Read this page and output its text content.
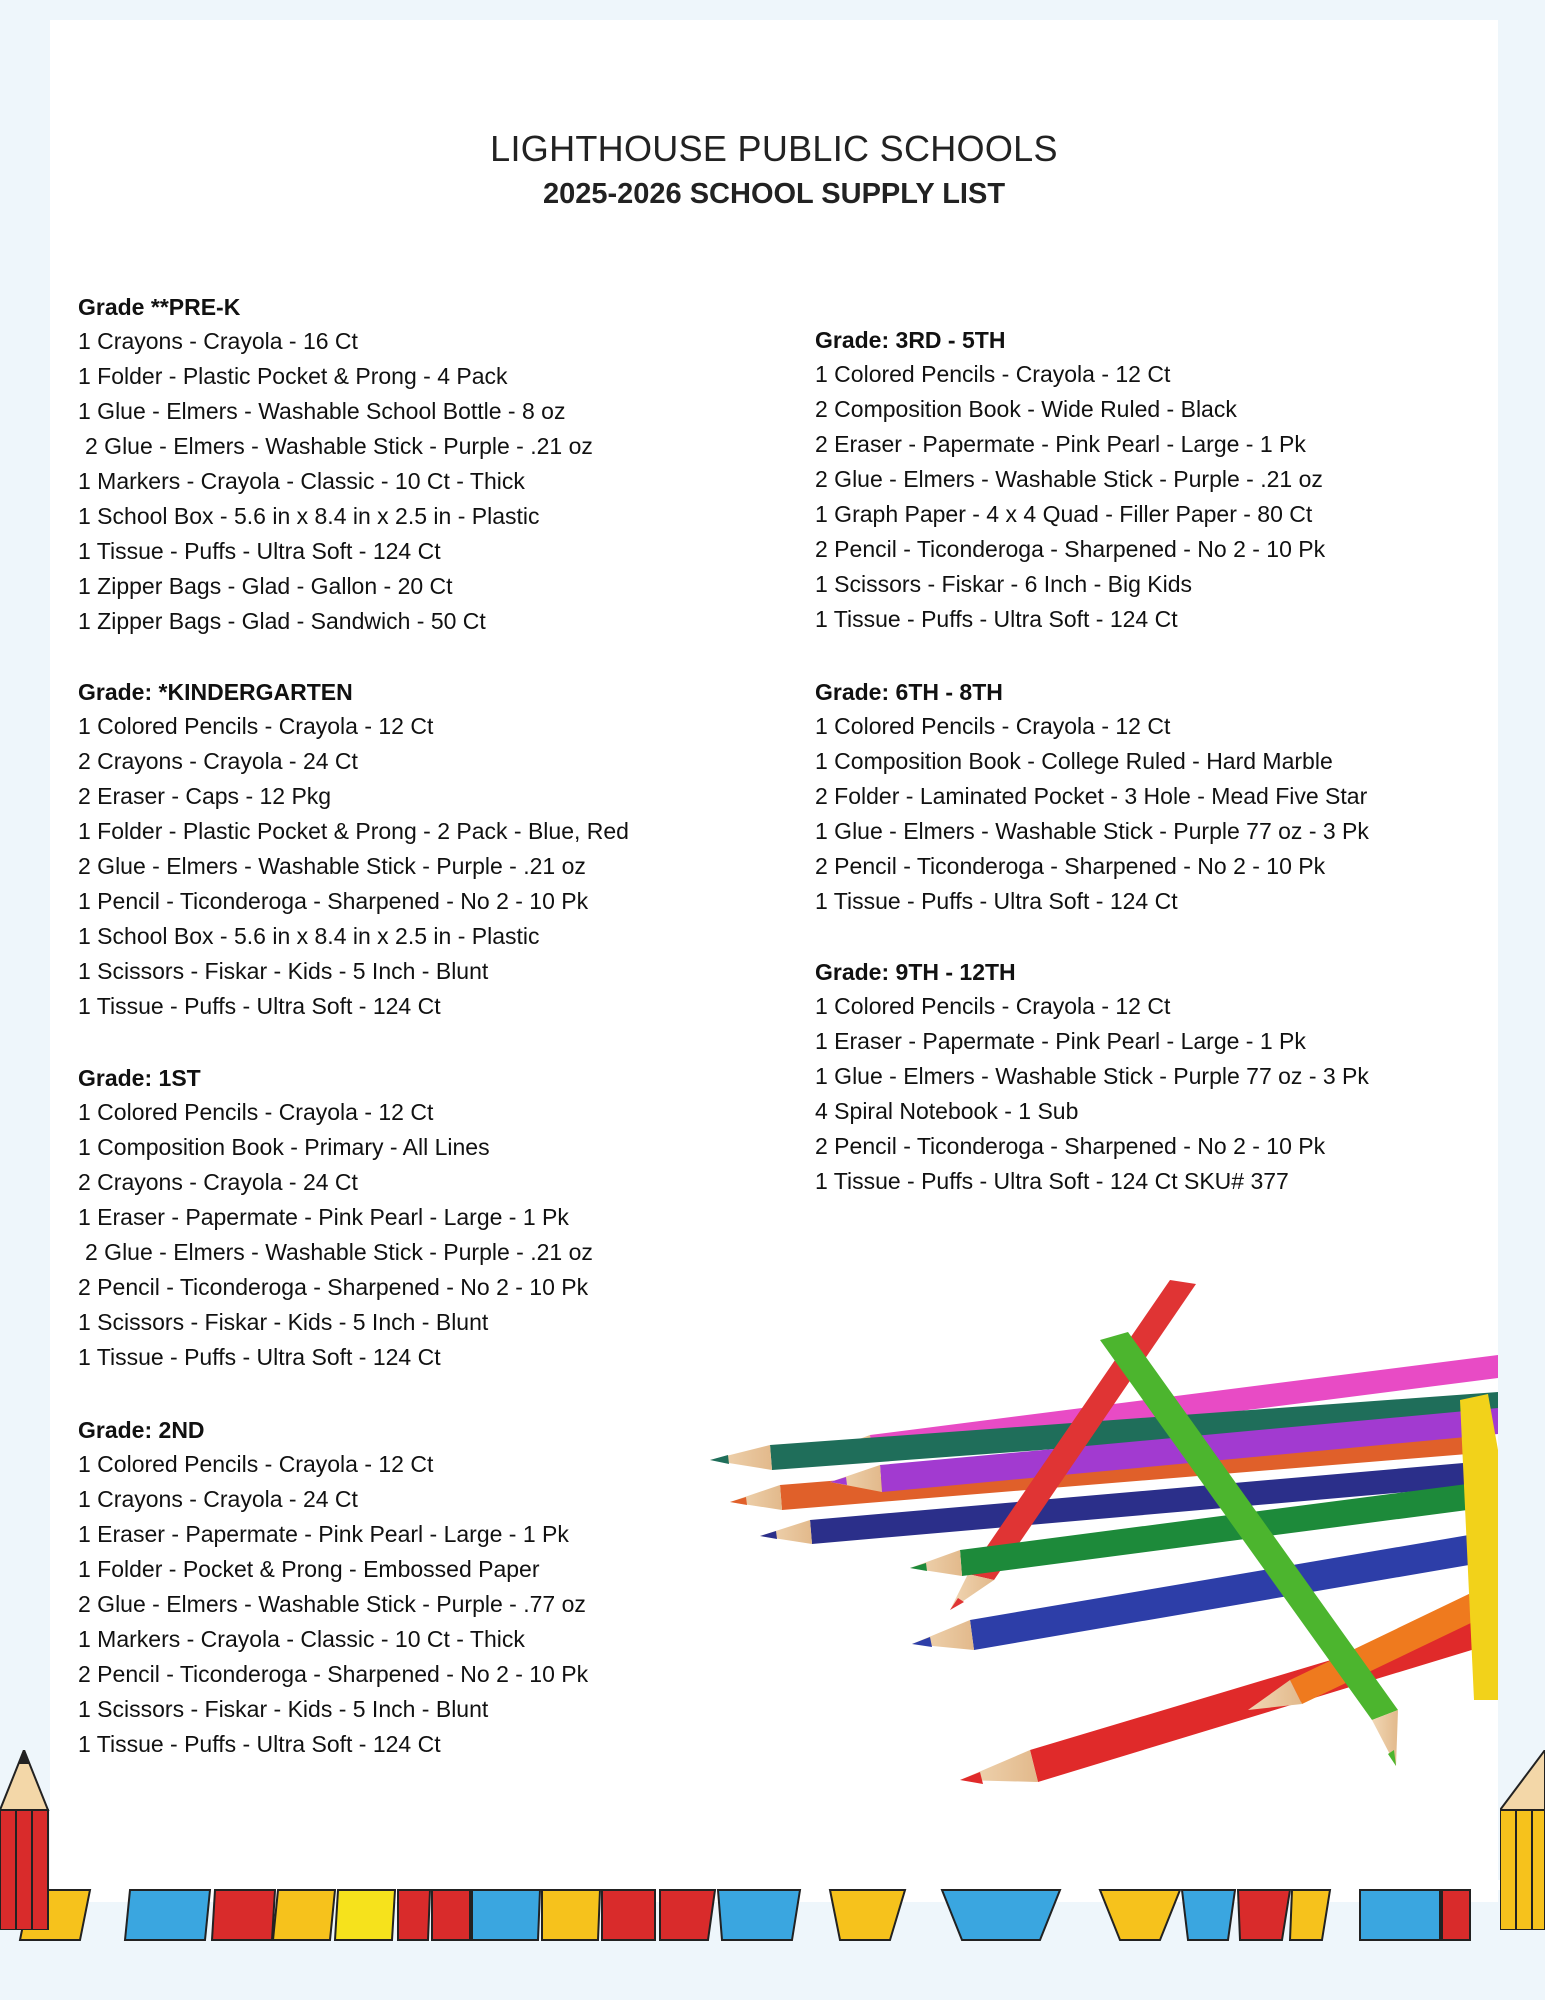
LIGHTHOUSE PUBLIC SCHOOLS
2025-2026 SCHOOL SUPPLY LIST
Grade **PRE-K
1 Crayons - Crayola - 16 Ct
1 Folder - Plastic Pocket & Prong - 4 Pack
1 Glue - Elmers - Washable School Bottle - 8 oz
2 Glue - Elmers - Washable Stick - Purple - .21 oz
1 Markers - Crayola - Classic - 10 Ct - Thick
1 School Box - 5.6 in x 8.4 in x 2.5 in - Plastic
1 Tissue - Puffs - Ultra Soft - 124 Ct
1 Zipper Bags - Glad - Gallon - 20 Ct
1 Zipper Bags - Glad - Sandwich - 50 Ct
Grade: *KINDERGARTEN
1 Colored Pencils - Crayola - 12 Ct
2 Crayons - Crayola - 24 Ct
2 Eraser - Caps - 12 Pkg
1 Folder - Plastic Pocket & Prong - 2 Pack - Blue, Red
2 Glue - Elmers - Washable Stick - Purple - .21 oz
1 Pencil - Ticonderoga - Sharpened - No 2 - 10 Pk
1 School Box - 5.6 in x 8.4 in x 2.5 in - Plastic
1 Scissors - Fiskar - Kids - 5 Inch - Blunt
1 Tissue - Puffs - Ultra Soft - 124 Ct
Grade: 1ST
1 Colored Pencils - Crayola - 12 Ct
1 Composition Book - Primary - All Lines
2 Crayons - Crayola - 24 Ct
1 Eraser - Papermate - Pink Pearl - Large - 1 Pk
2 Glue - Elmers - Washable Stick - Purple - .21 oz
2 Pencil - Ticonderoga - Sharpened - No 2 - 10 Pk
1 Scissors - Fiskar - Kids - 5 Inch - Blunt
1 Tissue - Puffs - Ultra Soft - 124 Ct
Grade: 2ND
1 Colored Pencils - Crayola - 12 Ct
1 Crayons - Crayola - 24 Ct
1 Eraser - Papermate - Pink Pearl - Large - 1 Pk
1 Folder - Pocket & Prong - Embossed Paper
2 Glue - Elmers - Washable Stick - Purple - .77 oz
1 Markers - Crayola - Classic - 10 Ct - Thick
2 Pencil - Ticonderoga - Sharpened - No 2 - 10 Pk
1 Scissors - Fiskar - Kids - 5 Inch - Blunt
1 Tissue - Puffs - Ultra Soft - 124 Ct
Grade: 3RD - 5TH
1 Colored Pencils - Crayola - 12 Ct
2 Composition Book - Wide Ruled - Black
2 Eraser - Papermate - Pink Pearl - Large - 1 Pk
2 Glue - Elmers - Washable Stick - Purple - .21 oz
1 Graph Paper - 4 x 4 Quad - Filler Paper - 80 Ct
2 Pencil - Ticonderoga - Sharpened - No 2 - 10 Pk
1 Scissors - Fiskar - 6 Inch - Big Kids
1 Tissue - Puffs - Ultra Soft - 124 Ct
Grade: 6TH - 8TH
1 Colored Pencils - Crayola - 12 Ct
1 Composition Book - College Ruled - Hard Marble
2 Folder - Laminated Pocket - 3 Hole - Mead Five Star
1 Glue - Elmers - Washable Stick - Purple 77 oz - 3 Pk
2 Pencil - Ticonderoga - Sharpened - No 2 - 10 Pk
1 Tissue - Puffs - Ultra Soft - 124 Ct
Grade: 9TH - 12TH
1 Colored Pencils - Crayola - 12 Ct
1 Eraser - Papermate - Pink Pearl - Large - 1 Pk
1 Glue - Elmers - Washable Stick - Purple 77 oz - 3 Pk
4 Spiral Notebook - 1 Sub
2 Pencil - Ticonderoga - Sharpened - No 2 - 10 Pk
1 Tissue - Puffs - Ultra Soft - 124 Ct SKU# 377
